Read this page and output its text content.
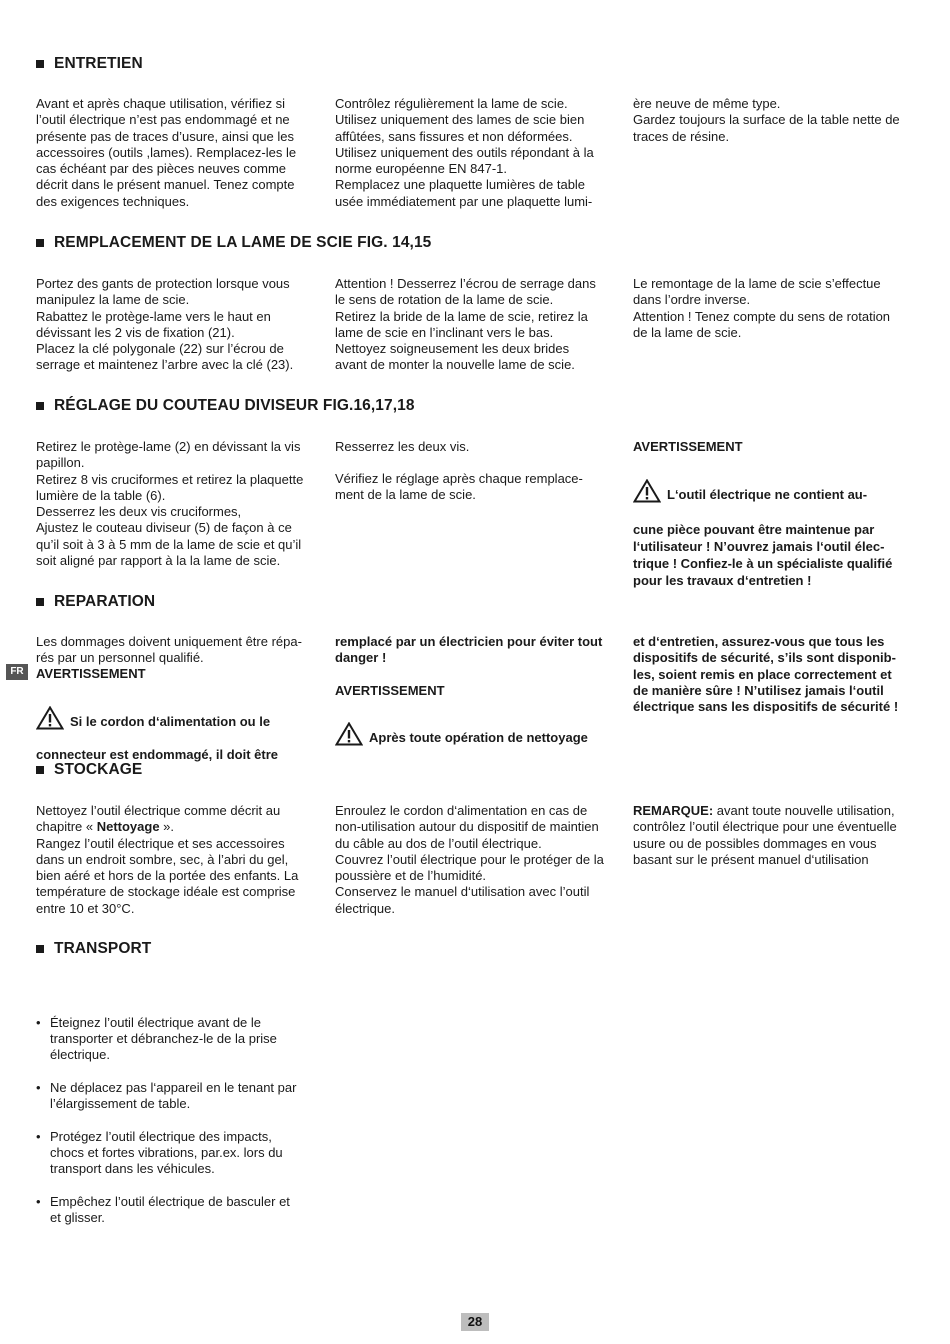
ENTRETIEN
Avant et après chaque utilisation, vérifiez si
l’outil électrique n’est pas endommagé et ne
présente pas de traces d’usure, ainsi que les
accessoires (outils ,lames). Remplacez-les le
cas échéant par des pièces neuves comme
décrit dans le présent manuel. Tenez compte
des exigences techniques.
Contrôlez régulièrement la lame de scie.
Utilisez uniquement des lames de scie bien
affûtées, sans fissures et non déformées.
Utilisez uniquement des outils répondant à la
norme européenne EN 847-1.
Remplacez une plaquette lumières de table
usée immédiatement par une plaquette lumi-
ère neuve de même type.
Gardez toujours la surface de la table nette de
traces de résine.
REMPLACEMENT DE LA LAME DE SCIE FIG. 14,15
Portez des gants de protection lorsque vous
manipulez la lame de scie.
Rabattez le protège-lame vers le haut en
dévissant les 2 vis de fixation (21).
Placez la clé polygonale (22) sur l’écrou de
serrage et maintenez l’arbre avec la clé (23).
Attention ! Desserrez l’écrou de serrage dans
le sens de rotation de la lame de scie.
Retirez la bride de la lame de scie, retirez la
lame de scie en l’inclinant vers le bas.
Nettoyez soigneusement les deux brides
avant de monter la nouvelle lame de scie.
Le remontage de la lame de scie s’effectue
dans l’ordre inverse.
Attention ! Tenez compte du sens de rotation
de la lame de scie.
RÉGLAGE DU COUTEAU DIVISEUR FIG.16,17,18
Retirez le protège-lame (2) en dévissant la vis
papillon.
Retirez 8 vis cruciformes et retirez la plaquette
lumière de la table (6).
Desserrez les deux vis cruciformes,
Ajustez le couteau diviseur (5) de façon à ce
qu’il soit à 3 à 5 mm de la lame de scie et qu’il
soit aligné par rapport à la la lame de scie.
Resserrez les deux vis.
Vérifiez le réglage après chaque remplace-
ment de la lame de scie.
AVERTISSEMENT

L‘outil électrique ne contient au-

cune pièce pouvant être maintenue par
l‘utilisateur ! N’ouvrez jamais l‘outil élec-
trique ! Confiez-le à un spécialiste qualifié
pour les travaux d‘entretien !

REPARATION
Les dommages doivent uniquement être répa-
rés par un personnel qualifié.
AVERTISSEMENT

Si le cordon d‘alimentation ou le

connecteur est endommagé, il doit être

FR
remplacé par un électricien pour éviter tout
danger !
AVERTISSEMENT

Après toute opération de nettoyage

et d‘entretien, assurez-vous que tous les
dispositifs de sécurité, s’ils sont disponib-
les, soient remis en place correctement et
de manière sûre ! N’utilisez jamais l‘outil
électrique sans les dispositifs de sécurité !
STOCKAGE
Nettoyez l’outil électrique comme décrit au
chapitre « Nettoyage ».
Rangez l’outil électrique et ses accessoires
dans un endroit sombre, sec, à l’abri du gel,
bien aéré et hors de la portée des enfants. La
température de stockage idéale est comprise
entre 10 et 30°C.
Enroulez le cordon d‘alimentation en cas de
non-utilisation autour du dispositif de maintien
du câble au dos de l’outil électrique.
Couvrez l’outil électrique pour le protéger de la
poussière et de l’humidité.
Conservez le manuel d‘utilisation avec l’outil
électrique.
REMARQUE: avant toute nouvelle utilisation,
contrôlez l’outil électrique pour une éventuelle
usure ou de possibles dommages en vous
basant sur le présent manuel d‘utilisation
TRANSPORT

• Éteignez l’outil électrique avant de le
transporter et débranchez-le de la prise
électrique.

• Ne déplacez pas l‘appareil en le tenant par
l’élargissement de table.

• Protégez l’outil électrique des impacts,
chocs et fortes vibrations, par.ex. lors du
transport dans les véhicules.

• Empêchez l’outil électrique de basculer et
et glisser.

28
